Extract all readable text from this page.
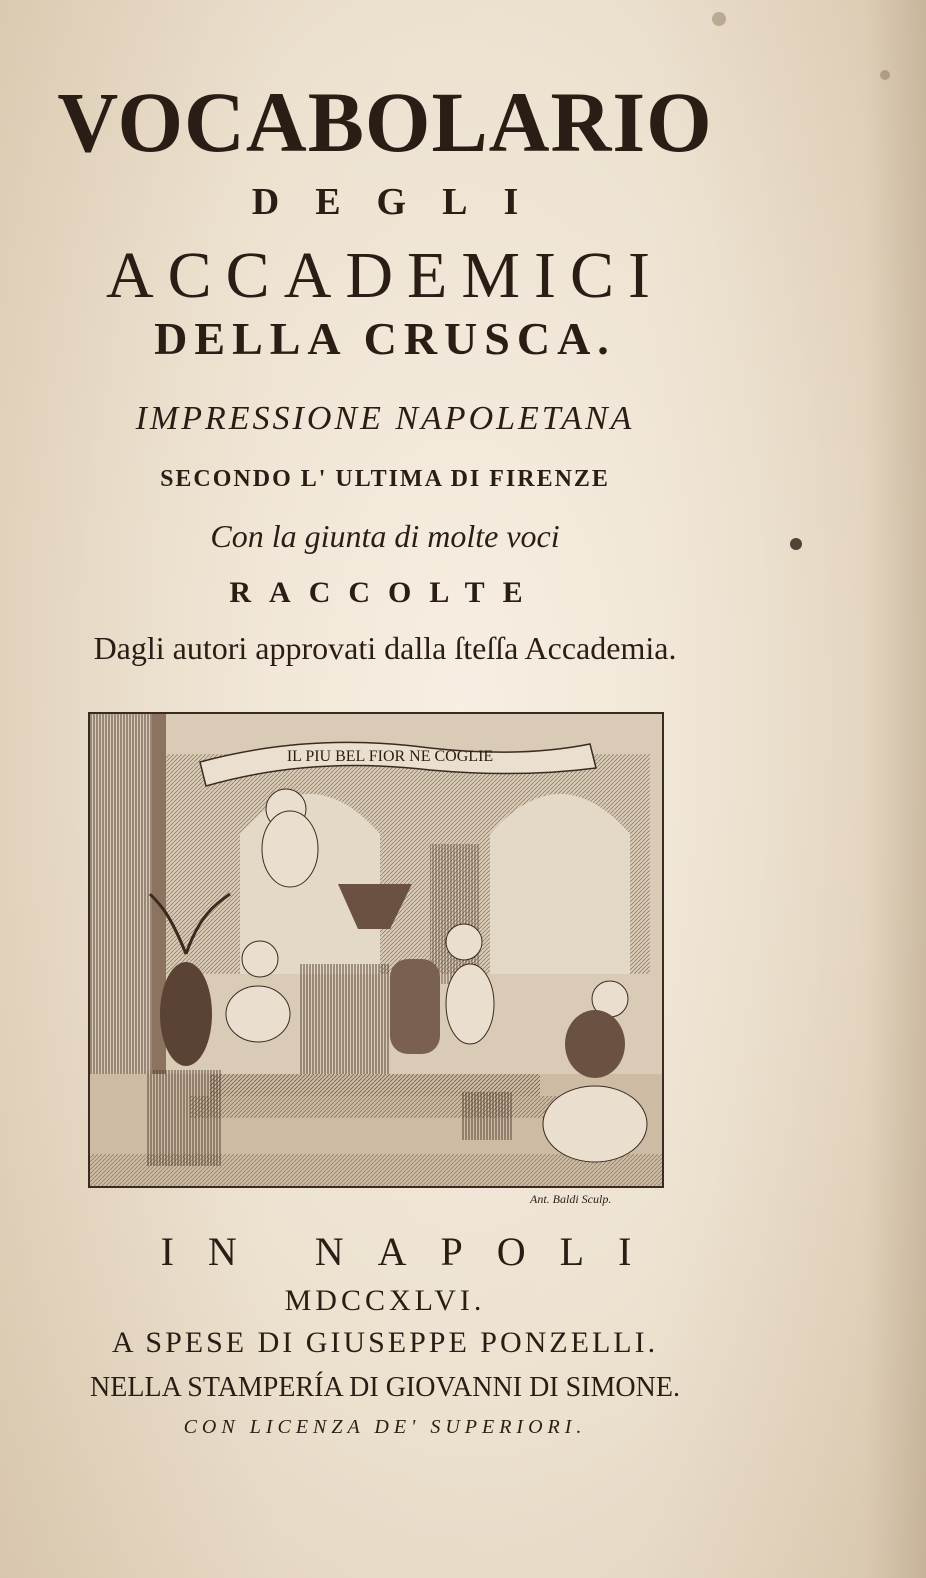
VOCABOLARIO
DEGLI
ACCADEMICI
DELLA CRUSCA.
IMPRESSIONE NAPOLETANA
SECONDO L' ULTIMA DI FIRENZE
Con la giunta di molte voci
RACCOLTE
Dagli autori approvati dalla ſteſſa Accademia.
IL PIU BEL FIOR NE COGLIE
Ant. Baldi Sculp.
IN NAPOLI
MDCCXLVI.
A SPESE DI GIUSEPPE PONZELLI.
NELLA STAMPERÍA DI GIOVANNI DI SIMONE.
CON LICENZA DE' SUPERIORI.
